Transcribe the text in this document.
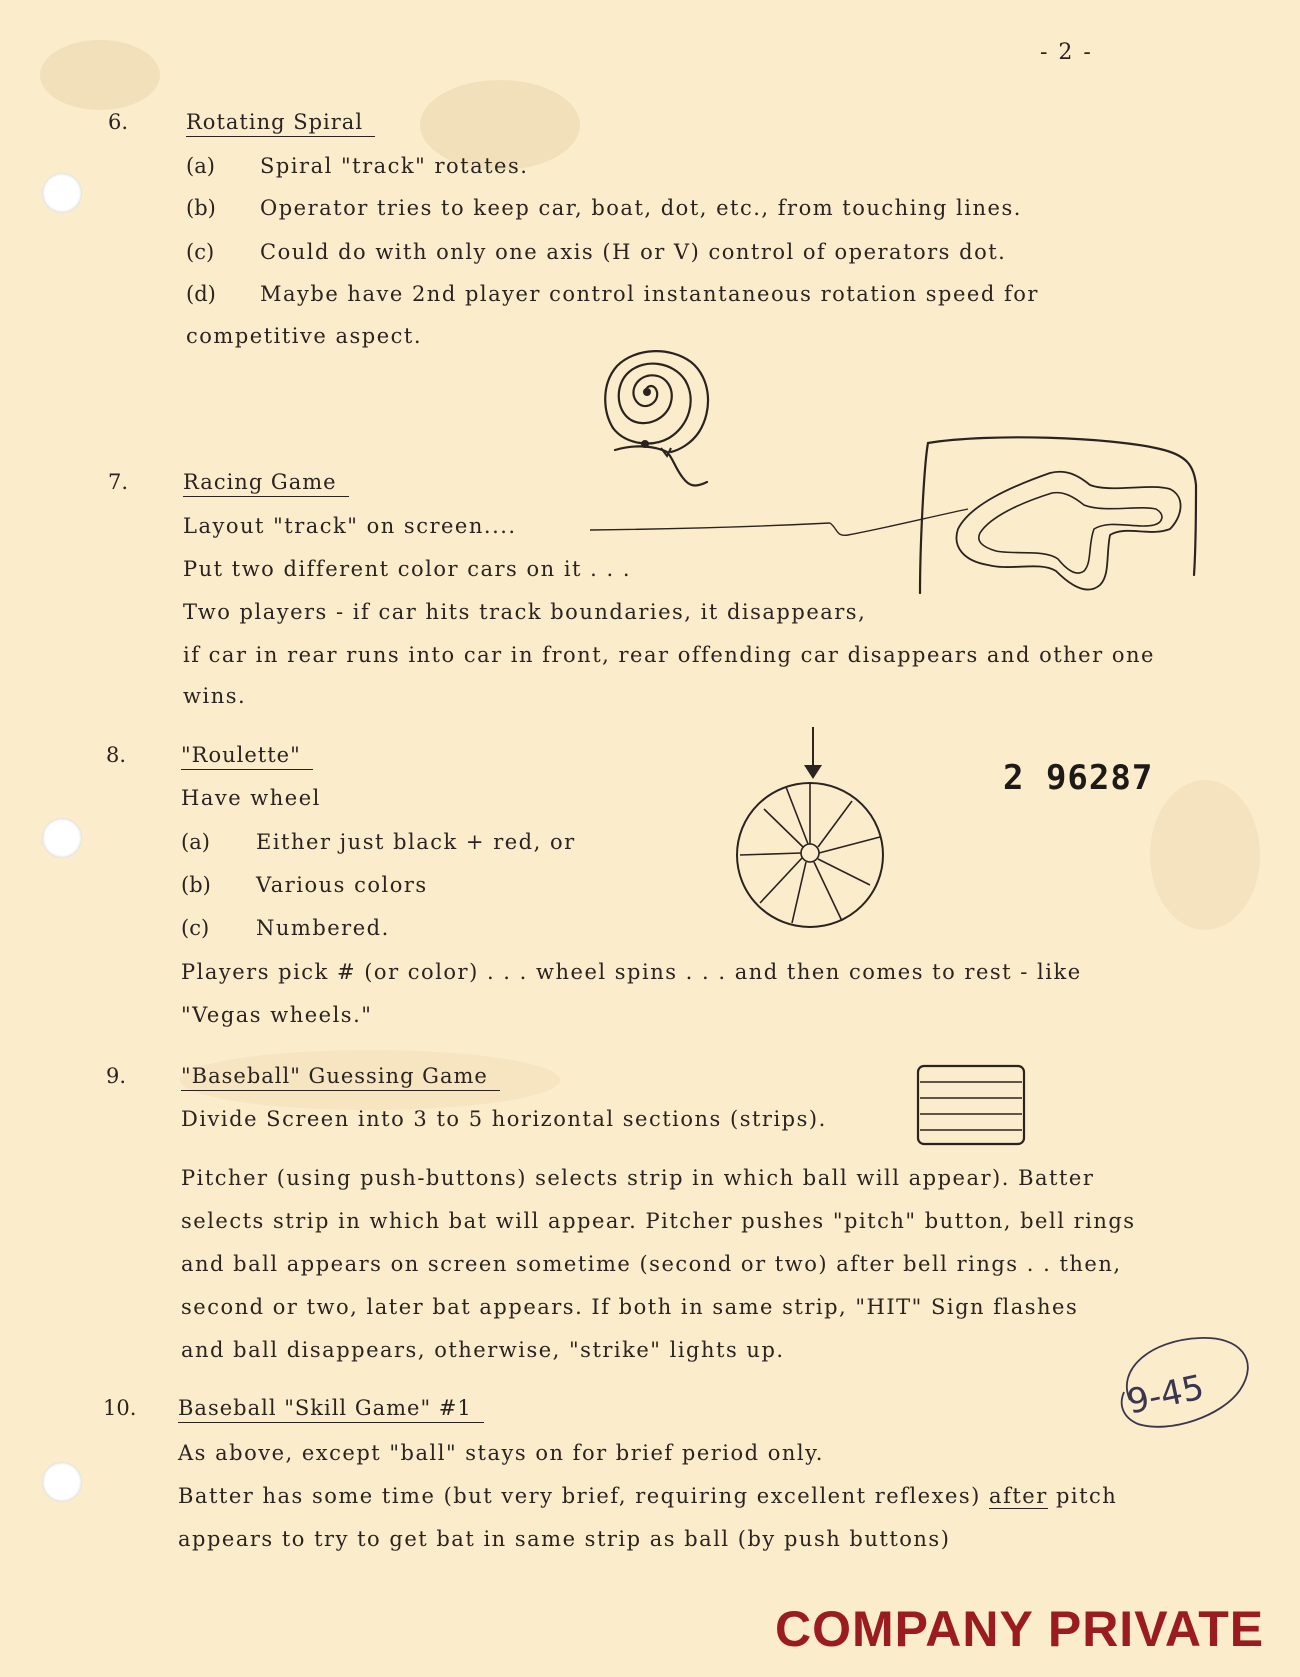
- 2 -
6.	Rotating Spiral
(a) Spiral "track" rotates.
(b) Operator tries to keep car, boat, dot, etc., from touching lines.
(c) Could do with only one axis (H or V) control of operators dot.
(d) Maybe have 2nd player control instantaneous rotation speed for
competitive aspect.
7.	Racing Game
Layout "track" on screen....
Put two different color cars on it . . .
Two players - if car hits track boundaries, it disappears,
if car in rear runs into car in front, rear offending car disappears and other one
wins.
8.	"Roulette"
Have wheel
(a) Either just black + red, or
(b) Various colors
(c) Numbered.
Players pick # (or color) . . . wheel spins . . . and then comes to rest - like
"Vegas wheels."
2 96287
9.	"Baseball" Guessing Game
Divide Screen into 3 to 5 horizontal sections (strips).
Pitcher (using push-buttons) selects strip in which ball will appear). Batter
selects strip in which bat will appear. Pitcher pushes "pitch" button, bell rings
and ball appears on screen sometime (second or two) after bell rings . . then,
second or two, later bat appears. If both in same strip, "HIT" Sign flashes
and ball disappears, otherwise, "strike" lights up.
10. Baseball "Skill Game" #1
As above, except "ball" stays on for brief period only.
Batter has some time (but very brief, requiring excellent reflexes) after pitch
appears to try to get bat in same strip as ball (by push buttons)
9-45
COMPANY PRIVATE
